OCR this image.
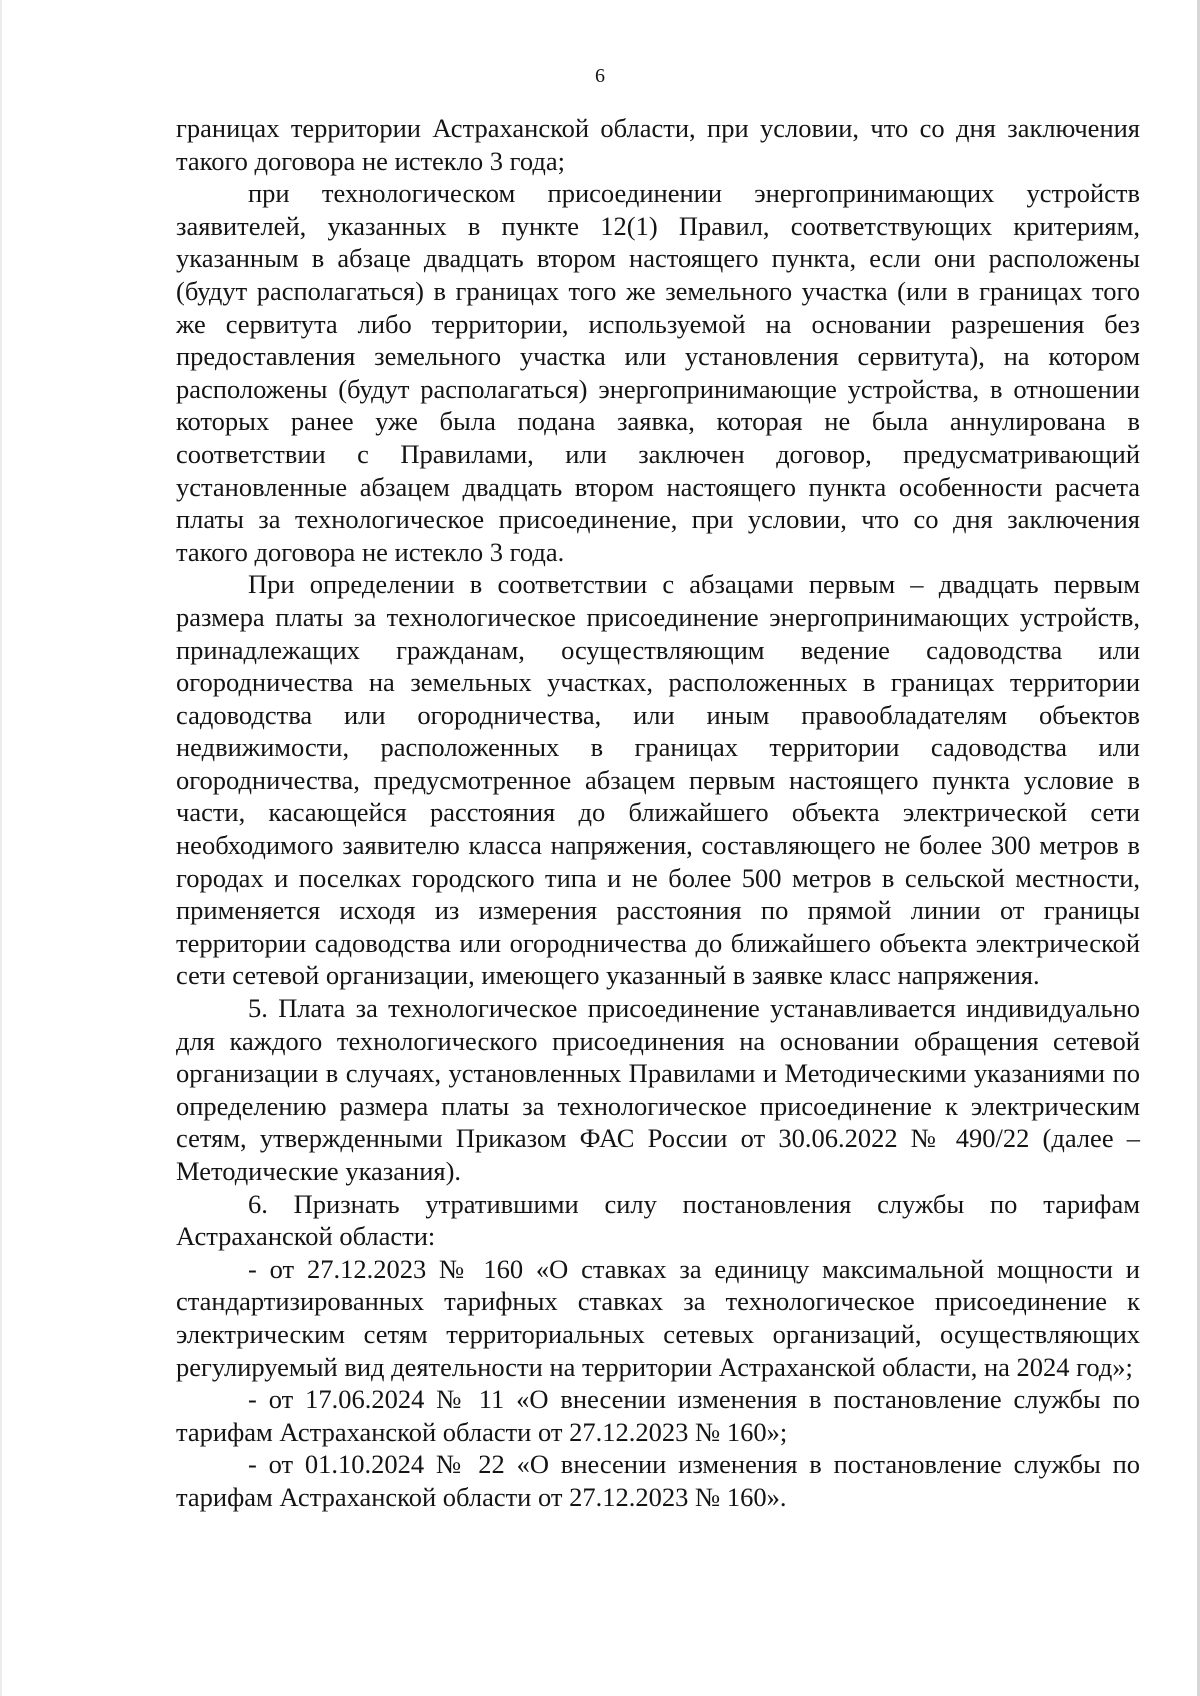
6

границах территории Астраханской области, при условии, что со дня заключения такого договора не истекло 3 года;

при технологическом присоединении энергопринимающих устройств заявителей, указанных в пункте 12(1) Правил, соответствующих критериям, указанным в абзаце двадцать втором настоящего пункта, если они расположены (будут располагаться) в границах того же земельного участка (или в границах того же сервитута либо территории, используемой на основании разрешения без предоставления земельного участка или установления сервитута), на котором расположены (будут располагаться) энергопринимающие устройства, в отношении которых ранее уже была подана заявка, которая не была аннулирована в соответствии с Правилами, или заключен договор, предусматривающий установленные абзацем двадцать втором настоящего пункта особенности расчета платы за технологическое присоединение, при условии, что со дня заключения такого договора не истекло 3 года.

При определении в соответствии с абзацами первым – двадцать первым размера платы за технологическое присоединение энергопринимающих устройств, принадлежащих гражданам, осуществляющим ведение садоводства или огородничества на земельных участках, расположенных в границах территории садоводства или огородничества, или иным правообладателям объектов недвижимости, расположенных в границах территории садоводства или огородничества, предусмотренное абзацем первым настоящего пункта условие в части, касающейся расстояния до ближайшего объекта электрической сети необходимого заявителю класса напряжения, составляющего не более 300 метров в городах и поселках городского типа и не более 500 метров в сельской местности, применяется исходя из измерения расстояния по прямой линии от границы территории садоводства или огородничества до ближайшего объекта электрической сети сетевой организации, имеющего указанный в заявке класс напряжения.

5. Плата за технологическое присоединение устанавливается индивидуально для каждого технологического присоединения на основании обращения сетевой организации в случаях, установленных Правилами и Методическими указаниями по определению размера платы за технологическое присоединение к электрическим сетям, утвержденными Приказом ФАС России от 30.06.2022 № 490/22 (далее – Методические указания).

6. Признать утратившими силу постановления службы по тарифам Астраханской области:

- от 27.12.2023 № 160 «О ставках за единицу максимальной мощности и стандартизированных тарифных ставках за технологическое присоединение к электрическим сетям территориальных сетевых организаций, осуществляющих регулируемый вид деятельности на территории Астраханской области, на 2024 год»;

- от 17.06.2024 № 11 «О внесении изменения в постановление службы по тарифам Астраханской области от 27.12.2023 № 160»;

- от 01.10.2024 № 22 «О внесении изменения в постановление службы по тарифам Астраханской области от 27.12.2023 № 160».
